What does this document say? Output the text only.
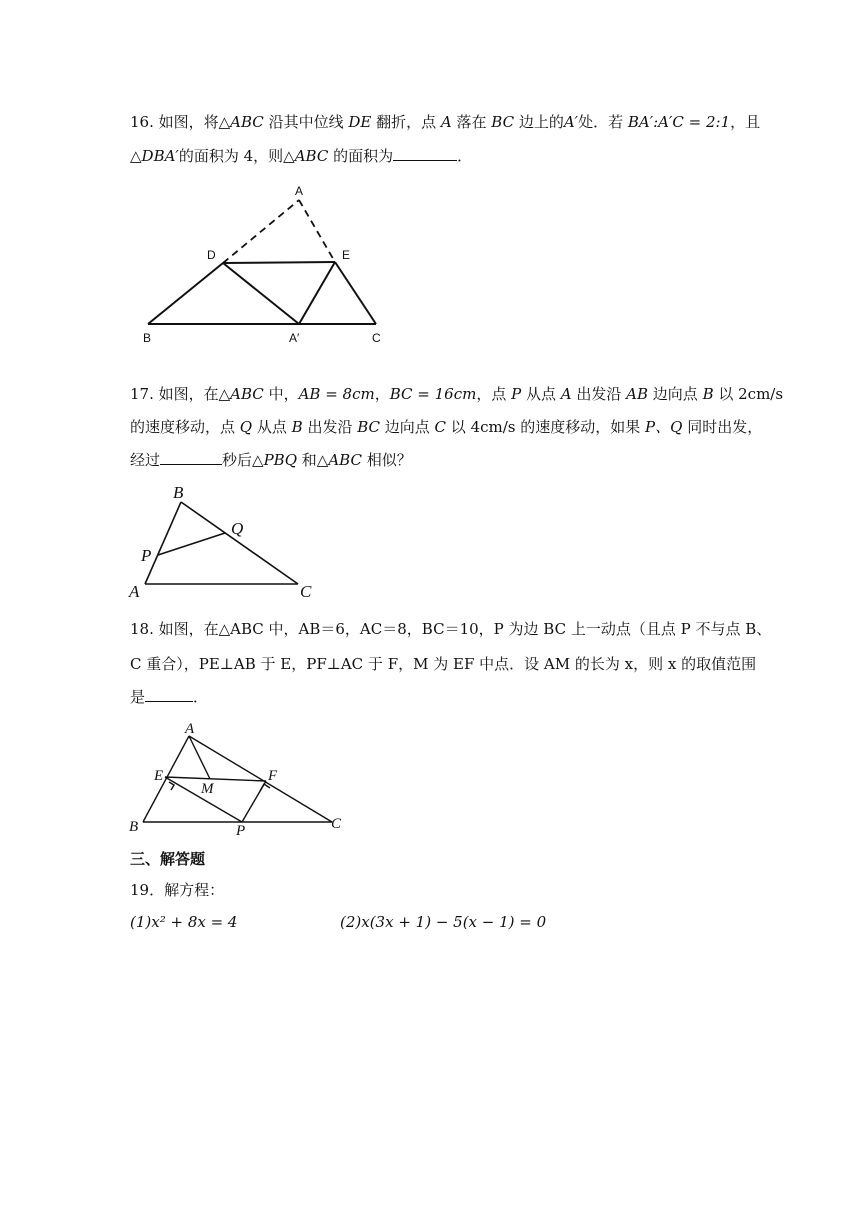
16. 如图，将△ABC 沿其中位线 DE 翻折，点 A 落在 BC 边上的A′处．若 BA′:A′C = 2:1，且
△DBA′的面积为 4，则△ABC 的面积为	．
A
D	E
B	A′	C
17. 如图，在△ABC 中，AB = 8cm，BC = 16cm，点 P 从点 A 出发沿 AB 边向点 B 以 2cm/s
的速度移动，点 Q 从点 B 出发沿 BC 边向点 C 以 4cm/s 的速度移动，如果 P、Q 同时出发，
经过	秒后△PBQ 和△ABC 相似？
B
Q
P
A	C
18. 如图，在△ABC 中，AB＝6，AC＝8，BC＝10，P 为边 BC 上一动点（且点 P 不与点 B、
C 重合），PE⊥AB 于 E，PF⊥AC 于 F，M 为 EF 中点．设 AM 的长为 x，则 x 的取值范围
是	．
A
E
M
F
B	P	C
三、解答题
19．解方程：
(1)x² + 8x = 4	(2)x(3x + 1) − 5(x − 1) = 0
